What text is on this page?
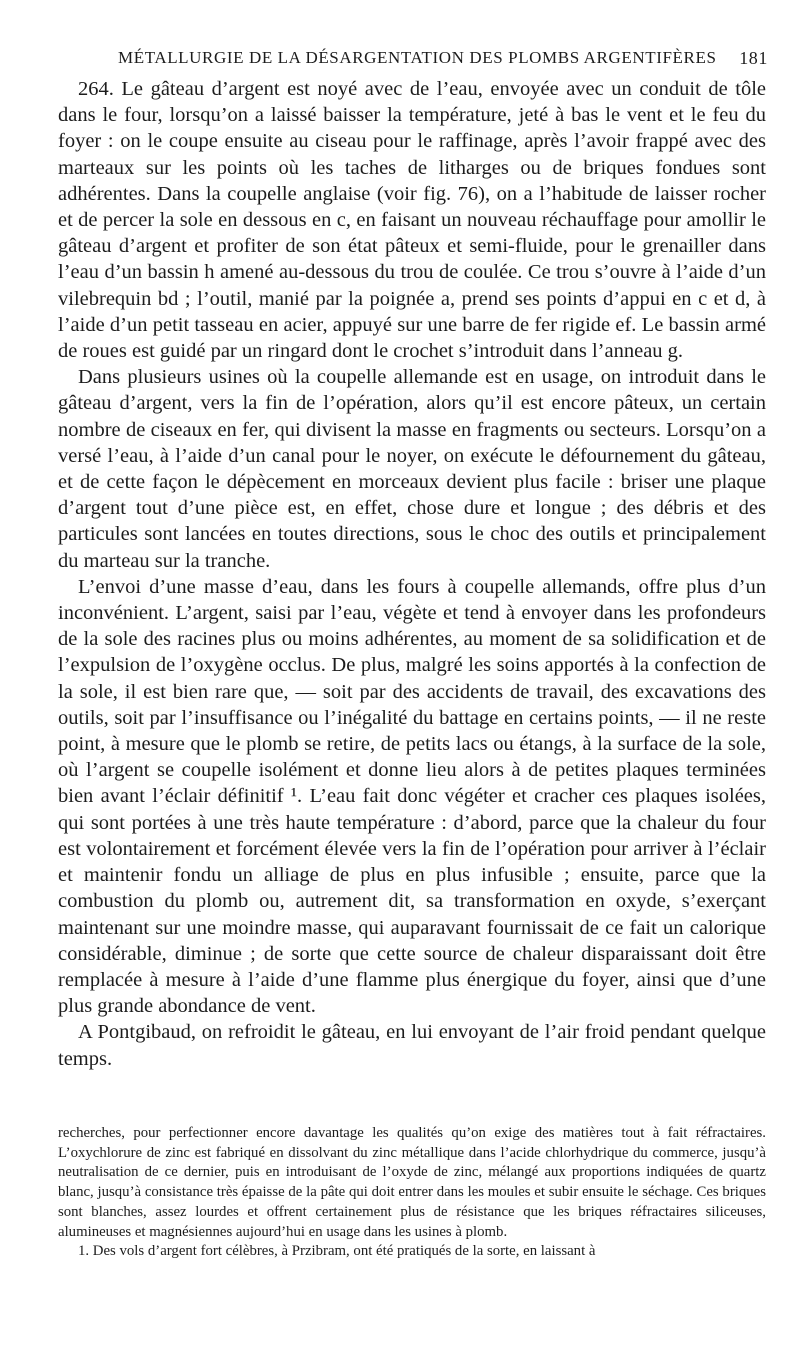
MÉTALLURGIE DE LA DÉSARGENTATION DES PLOMBS ARGENTIFÈRES 181

264. Le gâteau d’argent est noyé avec de l’eau, envoyée avec un conduit de tôle dans le four, lorsqu’on a laissé baisser la température, jeté à bas le vent et le feu du foyer : on le coupe ensuite au ciseau pour le raffinage, après l’avoir frappé avec des marteaux sur les points où les taches de litharges ou de briques fondues sont adhérentes. Dans la coupelle anglaise (voir fig. 76), on a l’habitude de laisser rocher et de percer la sole en dessous en c, en faisant un nouveau réchauffage pour amollir le gâteau d’argent et profiter de son état pâteux et semi-fluide, pour le grenailler dans l’eau d’un bassin h amené au-dessous du trou de coulée. Ce trou s’ouvre à l’aide d’un vilebrequin bd ; l’outil, manié par la poignée a, prend ses points d’appui en c et d, à l’aide d’un petit tasseau en acier, appuyé sur une barre de fer rigide ef. Le bassin armé de roues est guidé par un ringard dont le crochet s’introduit dans l’anneau g.

Dans plusieurs usines où la coupelle allemande est en usage, on introduit dans le gâteau d’argent, vers la fin de l’opération, alors qu’il est encore pâteux, un certain nombre de ciseaux en fer, qui divisent la masse en fragments ou secteurs. Lorsqu’on a versé l’eau, à l’aide d’un canal pour le noyer, on exécute le défournement du gâteau, et de cette façon le dépècement en morceaux devient plus facile : briser une plaque d’argent tout d’une pièce est, en effet, chose dure et longue ; des débris et des particules sont lancées en toutes directions, sous le choc des outils et principalement du marteau sur la tranche.

L’envoi d’une masse d’eau, dans les fours à coupelle allemands, offre plus d’un inconvénient. L’argent, saisi par l’eau, végète et tend à envoyer dans les profondeurs de la sole des racines plus ou moins adhérentes, au moment de sa solidification et de l’expulsion de l’oxygène occlus. De plus, malgré les soins apportés à la confection de la sole, il est bien rare que, — soit par des accidents de travail, des excavations des outils, soit par l’insuffisance ou l’inégalité du battage en certains points, — il ne reste point, à mesure que le plomb se retire, de petits lacs ou étangs, à la surface de la sole, où l’argent se coupelle isolément et donne lieu alors à de petites plaques terminées bien avant l’éclair définitif ¹. L’eau fait donc végéter et cracher ces plaques isolées, qui sont portées à une très haute température : d’abord, parce que la chaleur du four est volontairement et forcément élevée vers la fin de l’opération pour arriver à l’éclair et maintenir fondu un alliage de plus en plus infusible ; ensuite, parce que la combustion du plomb ou, autrement dit, sa transformation en oxyde, s’exerçant maintenant sur une moindre masse, qui auparavant fournissait de ce fait un calorique considérable, diminue ; de sorte que cette source de chaleur disparaissant doit être remplacée à mesure à l’aide d’une flamme plus énergique du foyer, ainsi que d’une plus grande abondance de vent.

A Pontgibaud, on refroidit le gâteau, en lui envoyant de l’air froid pendant quelque temps.

recherches, pour perfectionner encore davantage les qualités qu’on exige des matières tout à fait réfractaires. L’oxychlorure de zinc est fabriqué en dissolvant du zinc métallique dans l’acide chlorhydrique du commerce, jusqu’à neutralisation de ce dernier, puis en introduisant de l’oxyde de zinc, mélangé aux proportions indiquées de quartz blanc, jusqu’à consistance très épaisse de la pâte qui doit entrer dans les moules et subir ensuite le séchage. Ces briques sont blanches, assez lourdes et offrent certainement plus de résistance que les briques réfractaires siliceuses, alumineuses et magnésiennes aujourd’hui en usage dans les usines à plomb.

1. Des vols d’argent fort célèbres, à Przibram, ont été pratiqués de la sorte, en laissant à
